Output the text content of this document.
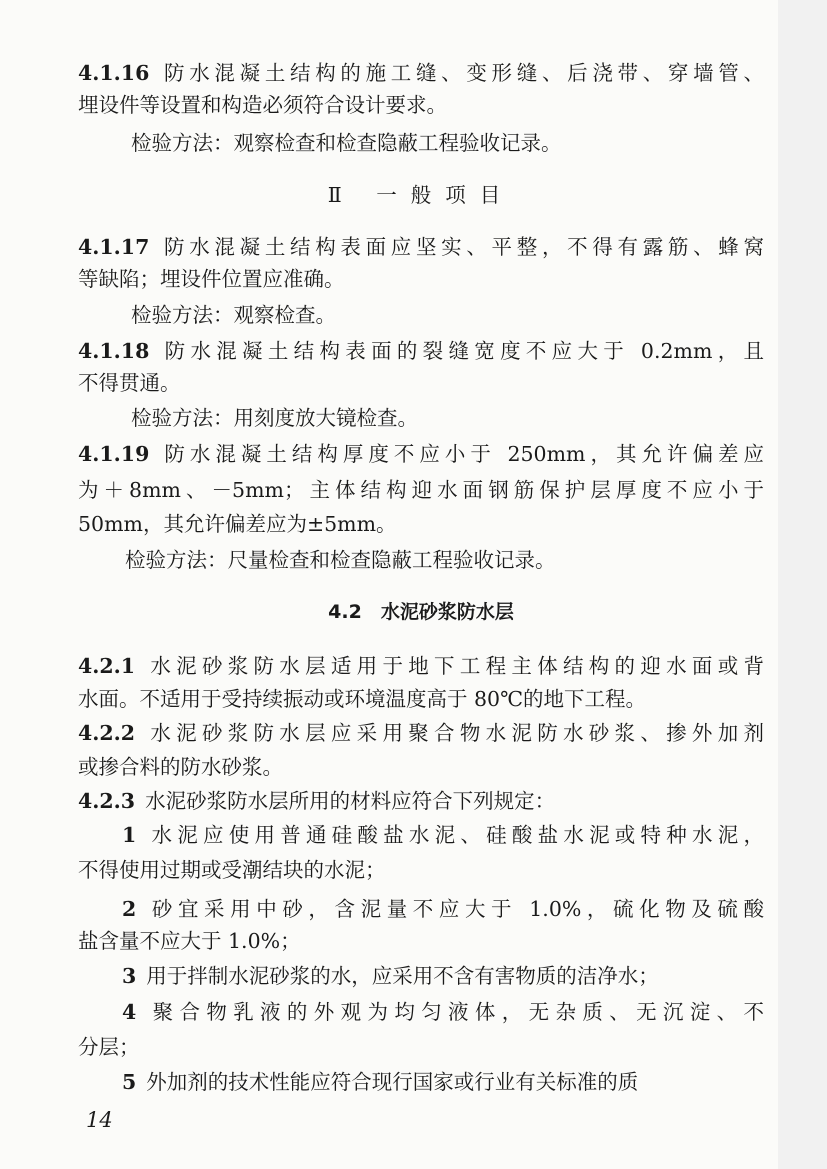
4.1.16 防水混凝土结构的施工缝、变形缝、后浇带、穿墙管、
埋设件等设置和构造必须符合设计要求。
检验方法：观察检查和检查隐蔽工程验收记录。
Ⅱ 一般项目
4.1.17 防水混凝土结构表面应坚实、平整，不得有露筋、蜂窝
等缺陷；埋设件位置应准确。
检验方法：观察检查。
4.1.18 防水混凝土结构表面的裂缝宽度不应大于 0.2mm，且
不得贯通。
检验方法：用刻度放大镜检查。
4.1.19 防水混凝土结构厚度不应小于 250mm，其允许偏差应
为＋8mm、－5mm；主体结构迎水面钢筋保护层厚度不应小于
50mm，其允许偏差应为±5mm。
检验方法：尺量检查和检查隐蔽工程验收记录。
4.2　水泥砂浆防水层
4.2.1 水泥砂浆防水层适用于地下工程主体结构的迎水面或背
水面。不适用于受持续振动或环境温度高于 80℃的地下工程。
4.2.2 水泥砂浆防水层应采用聚合物水泥防水砂浆、掺外加剂
或掺合料的防水砂浆。
4.2.3 水泥砂浆防水层所用的材料应符合下列规定：
1 水泥应使用普通硅酸盐水泥、硅酸盐水泥或特种水泥，
不得使用过期或受潮结块的水泥；
2 砂宜采用中砂，含泥量不应大于 1.0%，硫化物及硫酸
盐含量不应大于 1.0%；
3 用于拌制水泥砂浆的水，应采用不含有害物质的洁净水；
4 聚合物乳液的外观为均匀液体，无杂质、无沉淀、不
分层；
5 外加剂的技术性能应符合现行国家或行业有关标准的质
14
